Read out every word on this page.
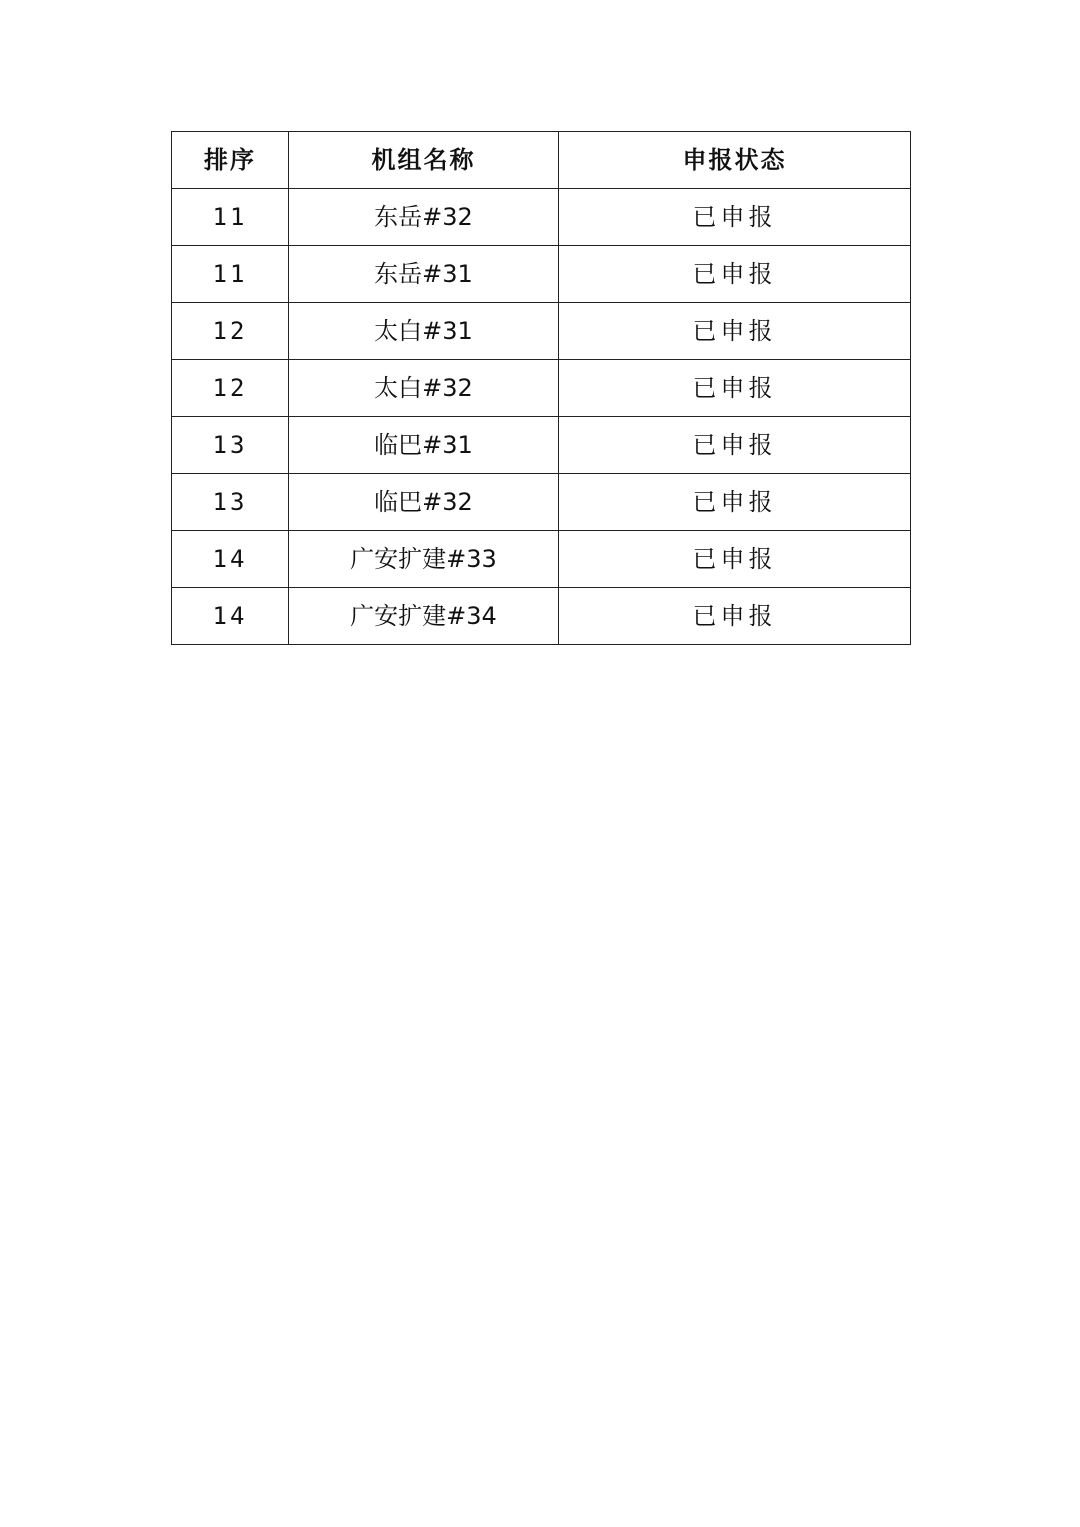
排序	机组名称	申报状态
11	东岳#32	已申报
11	东岳#31	已申报
12	太白#31	已申报
12	太白#32	已申报
13	临巴#31	已申报
13	临巴#32	已申报
14	广安扩建#33	已申报
14	广安扩建#34	已申报
